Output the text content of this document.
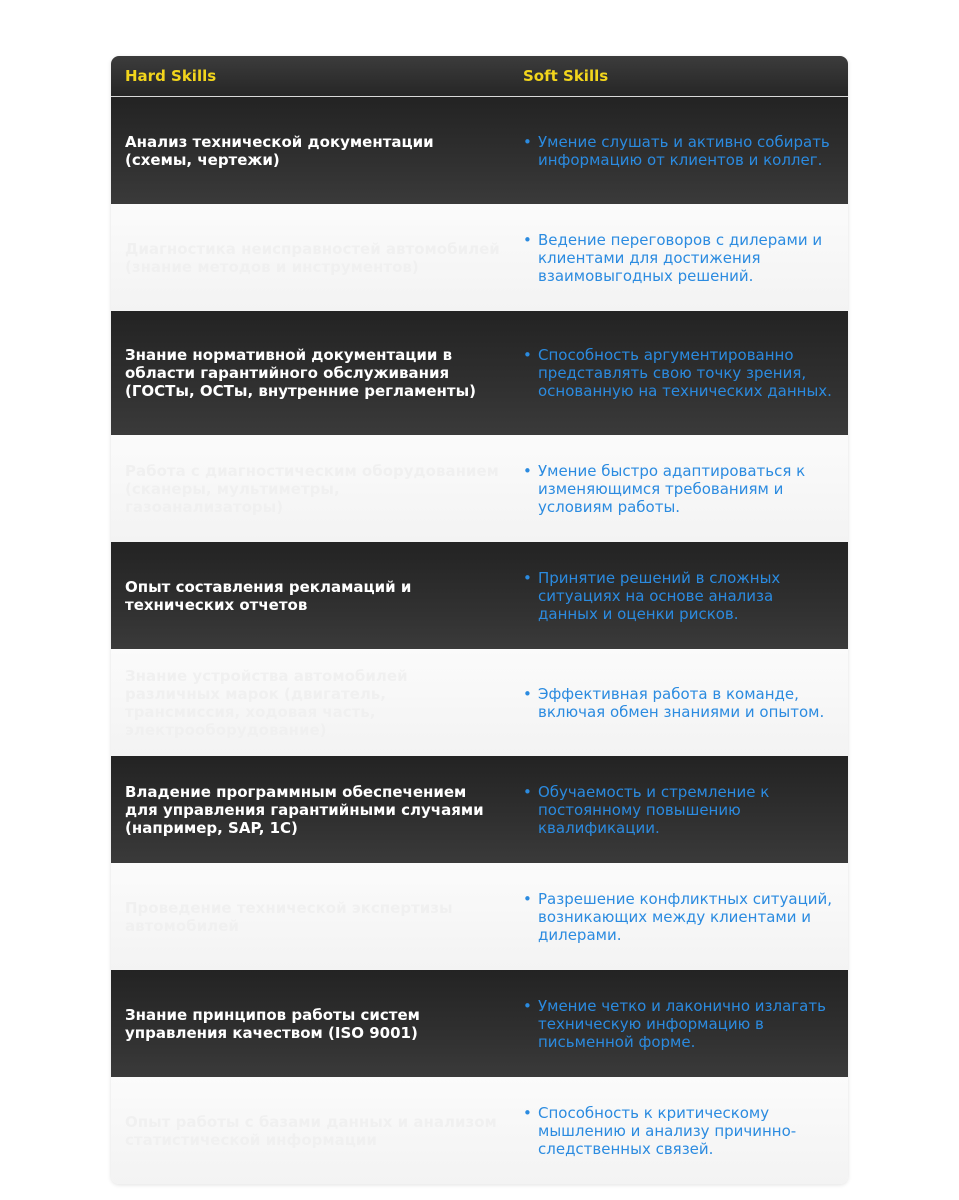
Hard Skills	Soft Skills
Анализ технической документации (схемы, чертежи)
• Умение слушать и активно собирать информацию от клиентов и коллег.
Диагностика неисправностей автомобилей (знание методов и инструментов)
• Ведение переговоров с дилерами и клиентами для достижения взаимовыгодных решений.
Знание нормативной документации в области гарантийного обслуживания (ГОСТы, ОСТы, внутренние регламенты)
• Способность аргументированно представлять свою точку зрения, основанную на технических данных.
Работа с диагностическим оборудованием (сканеры, мультиметры, газоанализаторы)
• Умение быстро адаптироваться к изменяющимся требованиям и условиям работы.
Опыт составления рекламаций и технических отчетов
• Принятие решений в сложных ситуациях на основе анализа данных и оценки рисков.
Знание устройства автомобилей различных марок (двигатель, трансмиссия, ходовая часть, электрооборудование)
• Эффективная работа в команде, включая обмен знаниями и опытом.
Владение программным обеспечением для управления гарантийными случаями (например, SAP, 1С)
• Обучаемость и стремление к постоянному повышению квалификации.
Проведение технической экспертизы автомобилей
• Разрешение конфликтных ситуаций, возникающих между клиентами и дилерами.
Знание принципов работы систем управления качеством (ISO 9001)
• Умение четко и лаконично излагать техническую информацию в письменной форме.
Опыт работы с базами данных и анализом статистической информации
• Способность к критическому мышлению и анализу причинно-следственных связей.
